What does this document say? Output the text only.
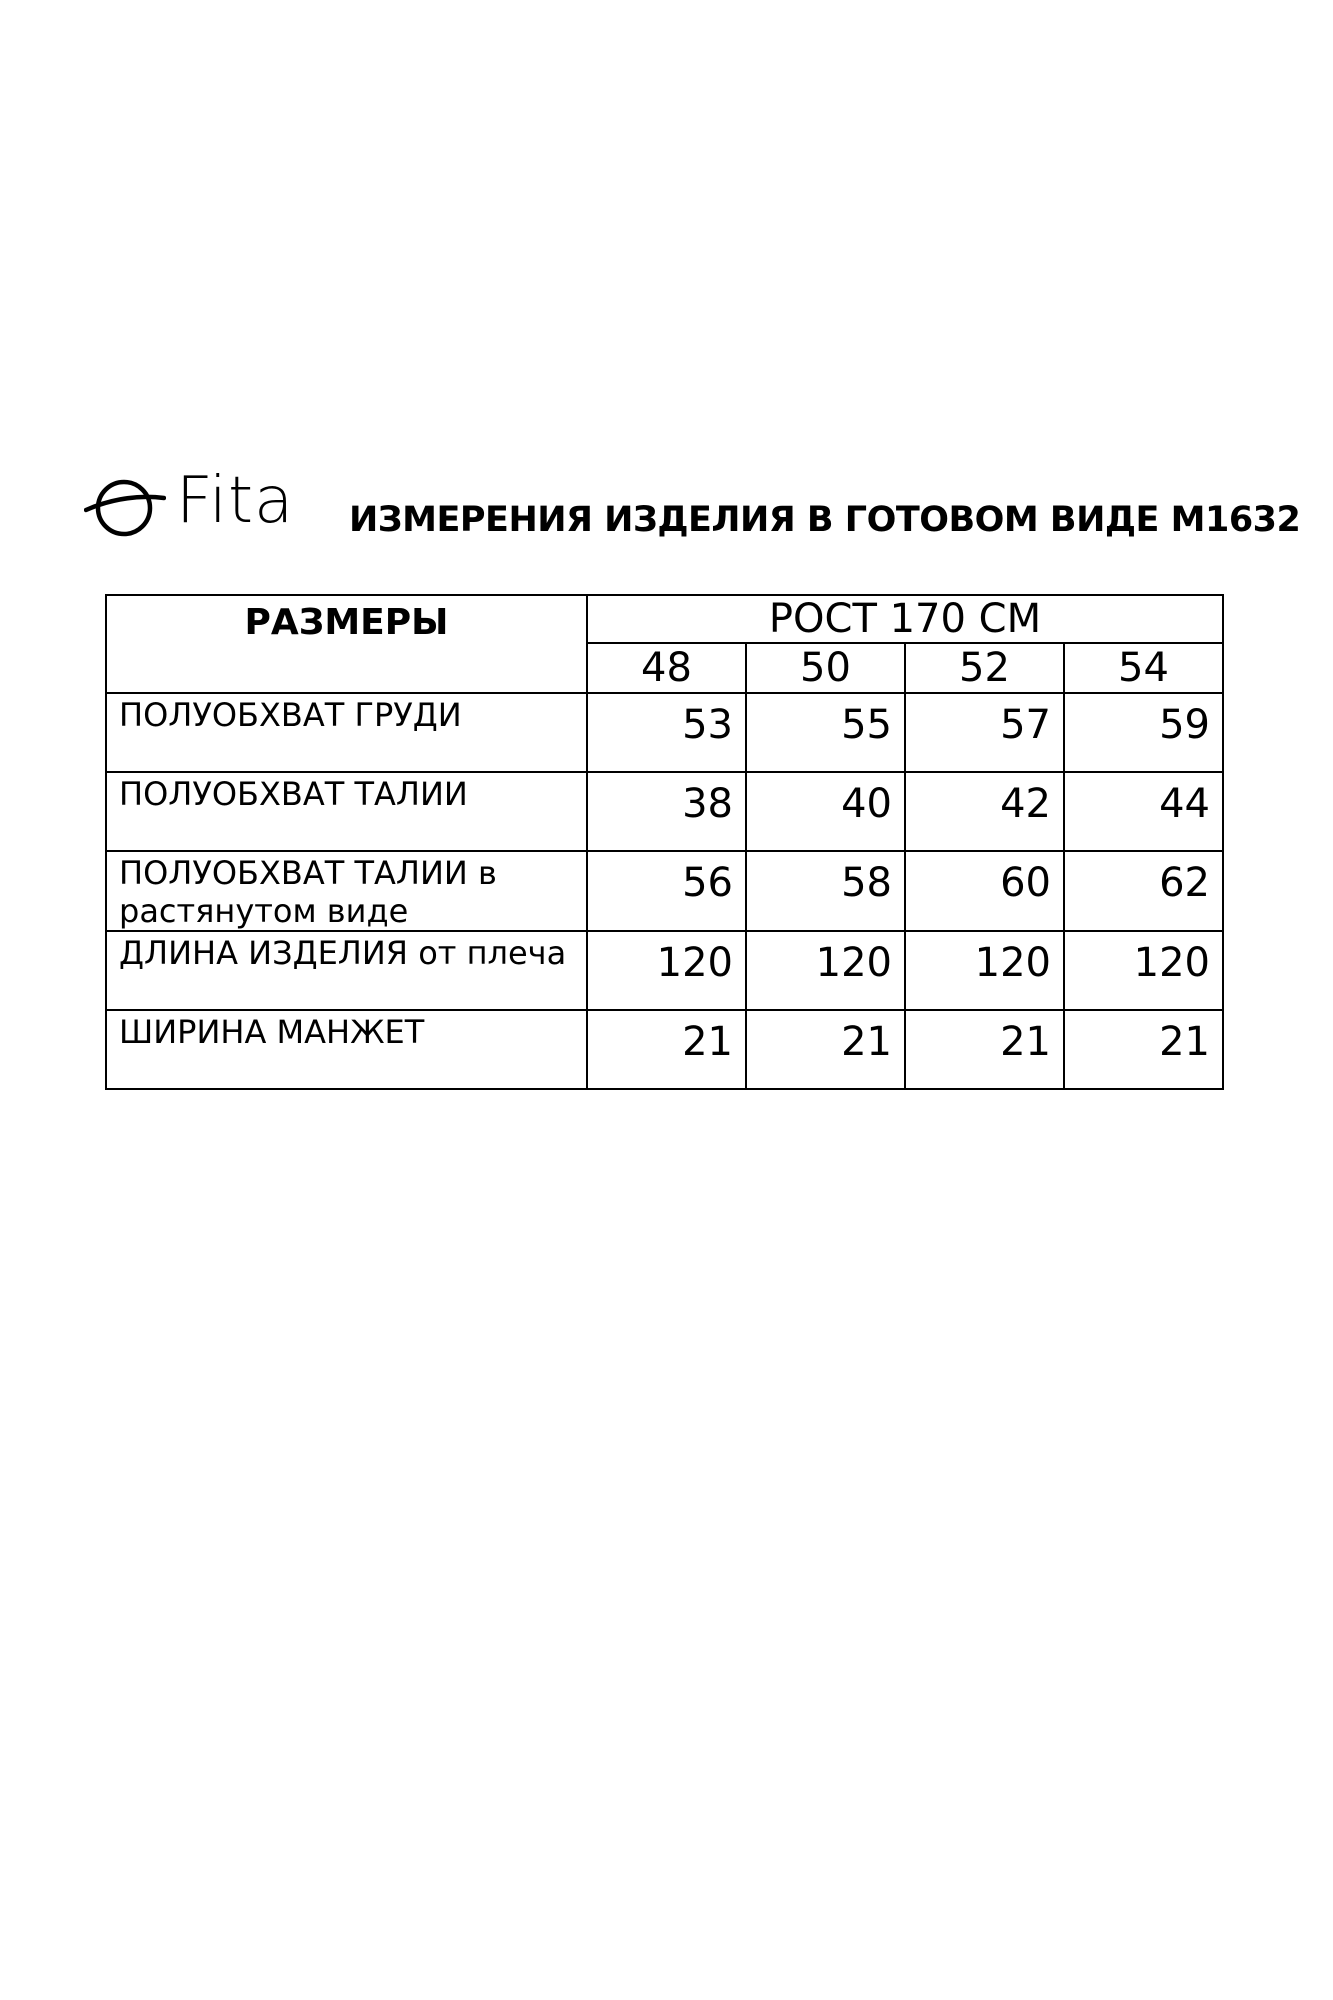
Fita ИЗМЕРЕНИЯ ИЗДЕЛИЯ В ГОТОВОМ ВИДЕ М1632
РАЗМЕРЫ	РОСТ 170 СМ			
	48	50	52	54
ПОЛУОБХВАТ ГРУДИ	53	55	57	59
ПОЛУОБХВАТ ТАЛИИ	38	40	42	44
ПОЛУОБХВАТ ТАЛИИ в растянутом виде	56	58	60	62
ДЛИНА ИЗДЕЛИЯ от плеча	120	120	120	120
ШИРИНА МАНЖЕТ	21	21	21	21
